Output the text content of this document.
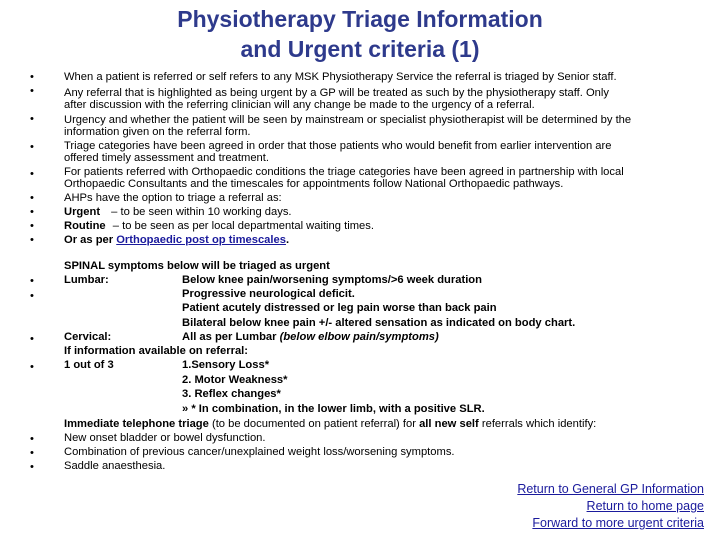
Physiotherapy Triage Information
and Urgent criteria (1)
•
•
•
•
•
•
•
•
•
•
•
•
•
•
•
•
When a patient is referred or self refers to any MSK Physiotherapy Service the referral is triaged by Senior staff.
Any referral that is highlighted as being urgent by a GP will be treated as such by the physiotherapy staff. Only
after discussion with the referring clinician will any change be made to the urgency of a referral.
Urgency and whether the patient will be seen by mainstream or specialist physiotherapist will be determined by the
information given on the referral form.
Triage categories have been agreed in order that those patients who would benefit from earlier intervention are
offered timely assessment and treatment.
For patients referred with Orthopaedic conditions the triage categories have been agreed in partnership with local
Orthopaedic Consultants and the timescales for appointments follow National Orthopaedic pathways.
AHPs have the option to triage a referral as:
Urgent – to be seen within 10 working days.
Routine – to be seen as per local departmental waiting times.
Or as per Orthopaedic post op timescales.
SPINAL symptoms below will be triaged as urgent
Lumbar:	Below knee pain/worsening symptoms/>6 week duration
Progressive neurological deficit.
Patient acutely distressed or leg pain worse than back pain
Bilateral below knee pain +/- altered sensation as indicated on body chart.
Cervical:	All as per Lumbar (below elbow pain/symptoms)
If information available on referral:
1 out of 3	1.Sensory Loss*
2. Motor Weakness*
3. Reflex changes*
» * In combination, in the lower limb, with a positive SLR.
Immediate telephone triage (to be documented on patient referral) for all new self referrals which identify:
New onset bladder or bowel dysfunction.
Combination of previous cancer/unexplained weight loss/worsening symptoms.
Saddle anaesthesia.
Return to General GP Information
Return to home page
Forward to more urgent criteria
